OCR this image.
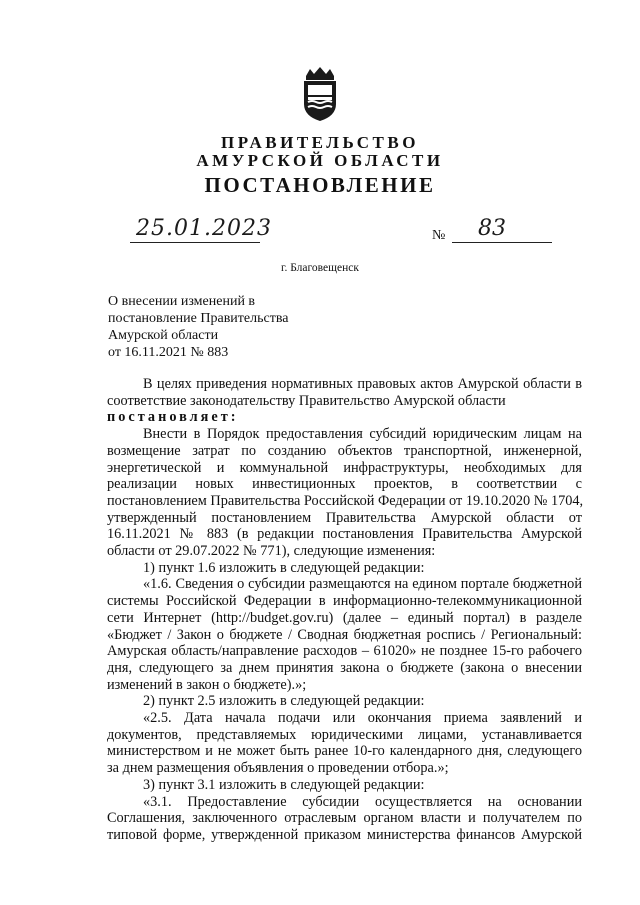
ПРАВИТЕЛЬСТВО
АМУРСКОЙ ОБЛАСТИ
ПОСТАНОВЛЕНИЕ
25.01.2023	№ 83
г. Благовещенск
О внесении изменений в
постановление Правительства
Амурской области
от 16.11.2021 № 883
В целях приведения нормативных правовых актов Амурской области в
соответствие законодательству Правительство Амурской области
постановляет:
Внести в Порядок предоставления субсидий юридическим лицам на
возмещение затрат по созданию объектов транспортной, инженерной,
энергетической и коммунальной инфраструктуры, необходимых для
реализации новых инвестиционных проектов, в соответствии с
постановлением Правительства Российской Федерации от 19.10.2020 № 1704,
утвержденный постановлением Правительства Амурской области от
16.11.2021 № 883 (в редакции постановления Правительства Амурской
области от 29.07.2022 № 771), следующие изменения:
1) пункт 1.6 изложить в следующей редакции:
«1.6. Сведения о субсидии размещаются на едином портале бюджетной
системы Российской Федерации в информационно-телекоммуникационной
сети Интернет (http://budget.gov.ru) (далее – единый портал) в разделе
«Бюджет / Закон о бюджете / Сводная бюджетная роспись / Региональный:
Амурская область/направление расходов – 61020» не позднее 15-го рабочего
дня, следующего за днем принятия закона о бюджете (закона о внесении
изменений в закон о бюджете).»;
2) пункт 2.5 изложить в следующей редакции:
«2.5. Дата начала подачи или окончания приема заявлений и
документов, представляемых юридическими лицами, устанавливается
министерством и не может быть ранее 10-го календарного дня, следующего
за днем размещения объявления о проведении отбора.»;
3) пункт 3.1 изложить в следующей редакции:
«3.1. Предоставление субсидии осуществляется на основании
Соглашения, заключенного отраслевым органом власти и получателем по
типовой форме, утвержденной приказом министерства финансов Амурской
